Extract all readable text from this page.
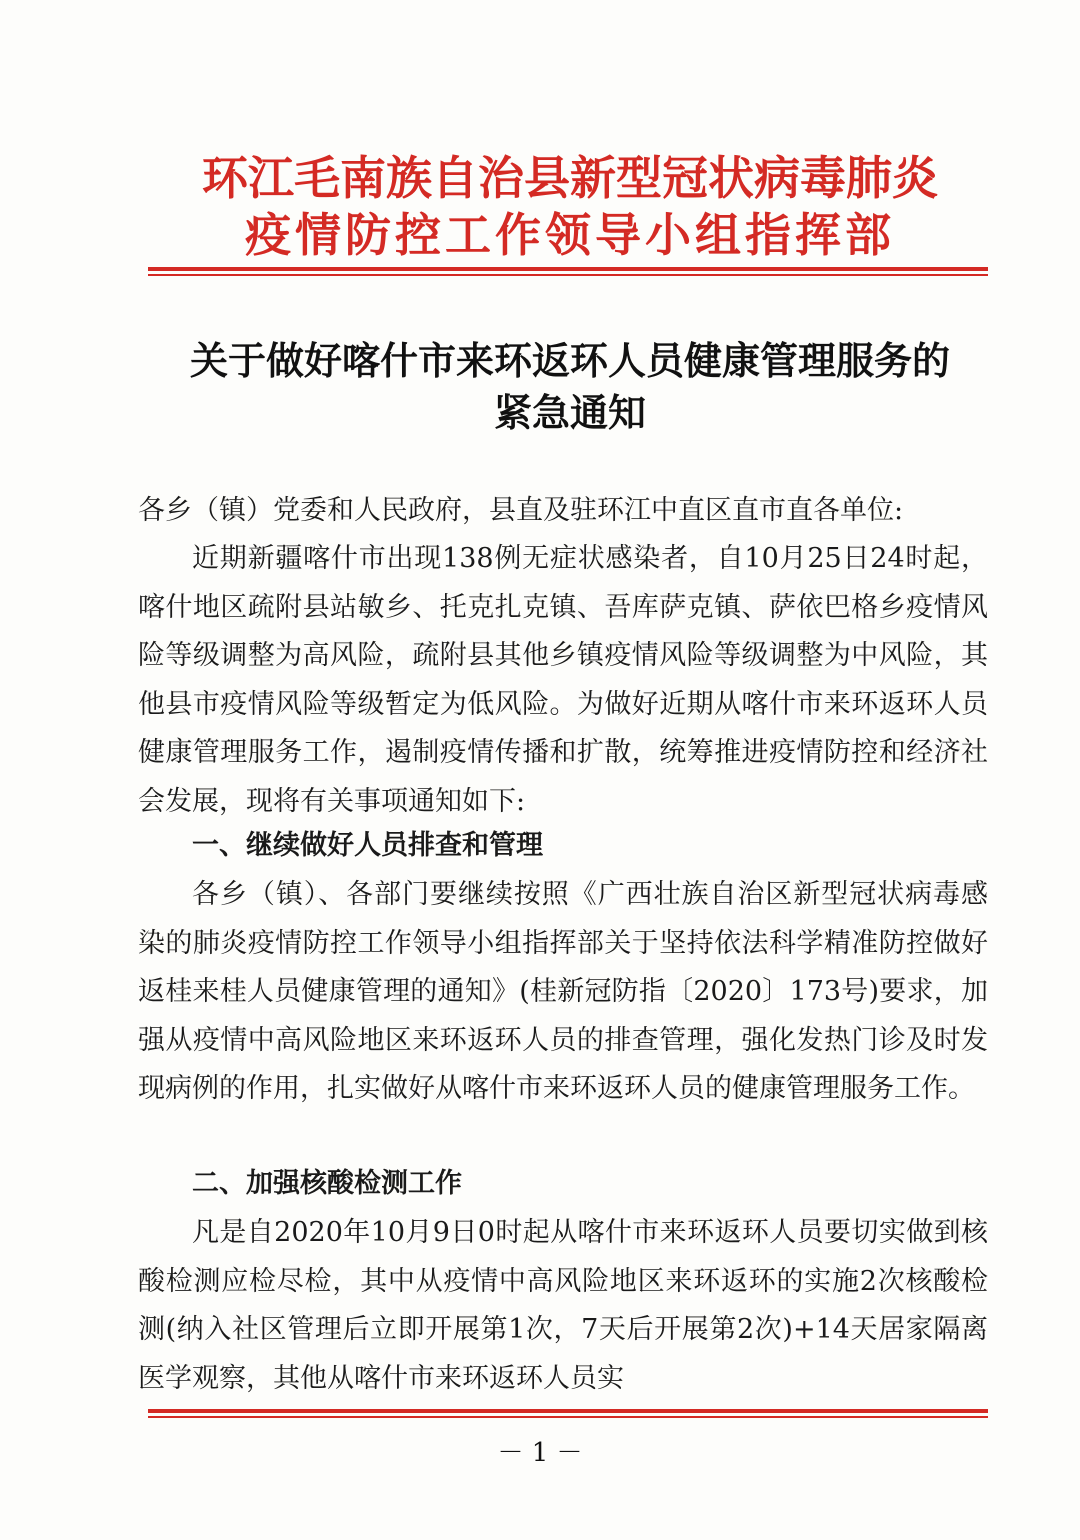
环江毛南族自治县新型冠状病毒肺炎
疫情防控工作领导小组指挥部
关于做好喀什市来环返环人员健康管理服务的
紧急通知
各乡（镇）党委和人民政府，县直及驻环江中直区直市直各单位:
近期新疆喀什市出现138例无症状感染者，自10月25日24时起，喀什地区疏附县站敏乡、托克扎克镇、吾库萨克镇、萨依巴格乡疫情风险等级调整为高风险，疏附县其他乡镇疫情风险等级调整为中风险，其他县市疫情风险等级暂定为低风险。为做好近期从喀什市来环返环人员健康管理服务工作，遏制疫情传播和扩散，统筹推进疫情防控和经济社会发展，现将有关事项通知如下:
一、继续做好人员排查和管理
各乡（镇）、各部门要继续按照《广西壮族自治区新型冠状病毒感染的肺炎疫情防控工作领导小组指挥部关于坚持依法科学精准防控做好返桂来桂人员健康管理的通知》(桂新冠防指〔2020〕173号)要求，加强从疫情中高风险地区来环返环人员的排查管理，强化发热门诊及时发现病例的作用，扎实做好从喀什市来环返环人员的健康管理服务工作。
二、加强核酸检测工作
凡是自2020年10月9日0时起从喀什市来环返环人员要切实做到核酸检测应检尽检，其中从疫情中高风险地区来环返环的实施2次核酸检测(纳入社区管理后立即开展第1次，7天后开展第2次)+14天居家隔离医学观察，其他从喀什市来环返环人员实
－ 1 －
